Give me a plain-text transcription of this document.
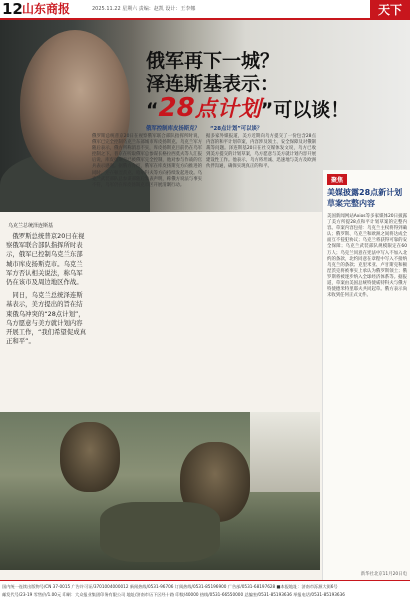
12 山东商报	2025.11.22 星期六 责编：赵凯 设计：王李娜	天下
俄军再下一城？
泽连斯基表示：
“28点计划”可以谈！
乌克兰总统泽连斯基
俄军控制库皮扬斯克？ “28点计划”可以谈？

俄罗斯总统普京20日在视察俄军联合部队指挥所时表示，俄军已控制乌克兰东部城市库皮扬斯克市。乌克兰军方否认相关说法，称乌军仍在该市及周边地区作战。

同日，乌克兰总统泽连斯基表示，美方提出的旨在结束俄乌冲突的“28点计划”，乌方愿意与美方就计划内容开展工作，“我们希望促成真正和平”。

俄罗斯总统普京20日在视察俄军联合部队指挥所时说，俄军已完全控制乌克兰东部城市库皮扬斯克。乌克兰军方随后表示，俄方所称消息不实，库皮扬斯克目前仍在乌军控制之下。普京在听取俄军总参谋长格拉西莫夫等人汇报后说，库皮扬斯克已被俄军完全控制，他对参与作战的官兵表示感谢。据俄方介绍，俄军在库皮扬斯克方向推进的同时，还在顿涅茨克、哈尔科夫等方向持续发起进攻。乌克兰武装部队总参谋部随后发表声明，称俄方说法与事实不符，乌军仍在库皮扬斯克市区开展清剿行动。
据多家外媒报道，美方近期向乌方提交了一份包含28点内容的和平计划草案，内容涉及领土、安全保障及对俄制裁等问题。泽连斯基20日在社交媒体发文说，乌方已收到美方提交的计划草案，乌方愿意与美方就计划内容开展建设性工作。他表示，乌方将坦诚、迅速地与美方及欧洲伙伴沟通，确保实现真正的和平。
聚焦
美媒披露28点新计划草案完整内容
美国新闻网站Axios等多家媒体20日披露了美方所提28点和平计划草案的完整内容。草案内容包括：乌克兰主权将得到确认；俄罗斯、乌克兰和欧洲之间将达成全面互不侵犯协议；乌克兰将获得可靠的安全保障；乌克兰武装部队规模限定在60万人；乌克兰同意在宪法中写入不加入北约的条款，北约同意在章程中写入不接纳乌克兰的条款；克里米亚、卢甘斯克和顿涅茨克将被事实上承认为俄罗斯领土；俄罗斯将被逐步纳入全球经济体系等。据报道，草案由美国总统特使威特科夫与俄方特使德米特里耶夫共同起草。俄方表示尚未收到任何正式文件。
新华社北京11月20日电
国内统一连续出版物号/CN 37-0015 广告许可证/3701004000012 新闻热线/0531-96706 订阅热线/0531-85196900 广告部/0531-68197628 ■本报地址：济南市泺源大街6号
邮发代号/23-19 零售价/1.00元 印刷：大众报业集团印务有限公司 地址/济南市历下区经十路 印数/40000 热线/0531-66550000 总编室/0531-85193636 举报电话/0531-85193636
